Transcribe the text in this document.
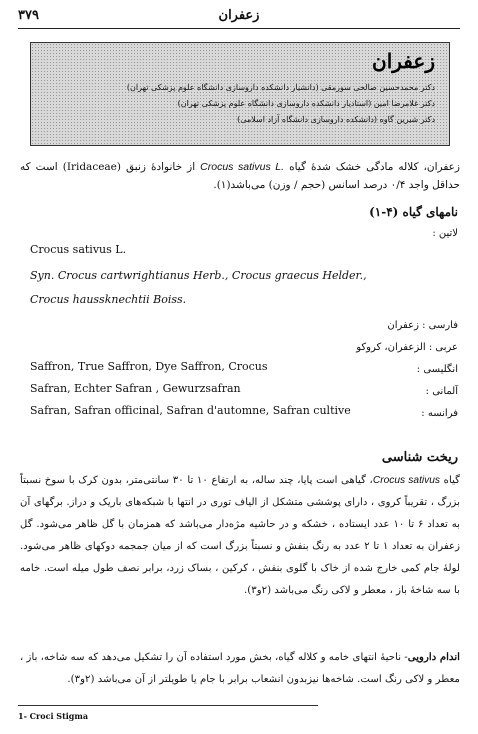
۳۷۹	زعفران
زعفران
دکتر محمدحسین صالحی سورمقی (دانشیار دانشکده داروسازی دانشگاه علوم پزشکی تهران)
دکتر غلامرضا امین (استادیار دانشکده داروسازی دانشگاه علوم پزشکی تهران)
دکتر شیرین گاوه (دانشکده داروسازی دانشگاه آزاد اسلامی)
زعفران، کلاله مادگی خشک شدهٔ گیاه Crocus sativus L. از خانوادهٔ زنبق (Iridaceae) است که حداقل واجد ۰/۴ درصد اسانس (حجم / وزن) می‌باشد(۱).
نامهای گیاه (۴-۱)
لاتین :
Crocus sativus L.
Syn. Crocus cartwrightianus Herb., Crocus graecus Helder.,
Crocus haussknechtii Boiss.
فارسی : زعفران
عربی : الزعفران، کروکو
انگلیسی :
Saffron, True Saffron, Dye Saffron, Crocus
آلمانی :
Safran, Echter Safran , Gewurzsafran
فرانسه :
Safran, Safran officinal, Safran d'automne, Safran cultive
ریخت شناسی
گیاه Crocus sativus، گیاهی است پایا، چند ساله، به ارتفاع ۱۰ تا ۳۰ سانتی‌متر، بدون کرک با سوخ نسبتاً بزرگ ، تقریباً کروی ، دارای پوششی متشکل از الیاف توری در انتها با شبکه‌های باریک و دراز. برگهای آن به تعداد ۶ تا ۱۰ عدد ایستاده ، خشکه و در حاشیه مژه‌دار می‌باشد که همزمان با گل ظاهر می‌شود. گل زعفران به تعداد ۱ تا ۲ عدد به رنگ بنفش و نسبتاً بزرگ است که از میان جمجمه دوکهای ظاهر می‌شود. لولهٔ جام کمی خارج شده از خاک با گلوی بنفش ، کرکین ، بساک زرد، برابر نصف طول میله است. خامه با سه شاخهٔ باز ، معطر و لاکی رنگ می‌باشد (۲و۳).
اندام دارویی- ناحیهٔ انتهای خامه و کلاله گیاه، بخش مورد استفاده آن را تشکیل می‌دهد که سه شاخه، باز ، معطر و لاکی رنگ است. شاخه‌ها نیزبدون انشعاب برابر با جام یا طویلتر از آن می‌باشد (۲و۳).
1- Croci Stigma
